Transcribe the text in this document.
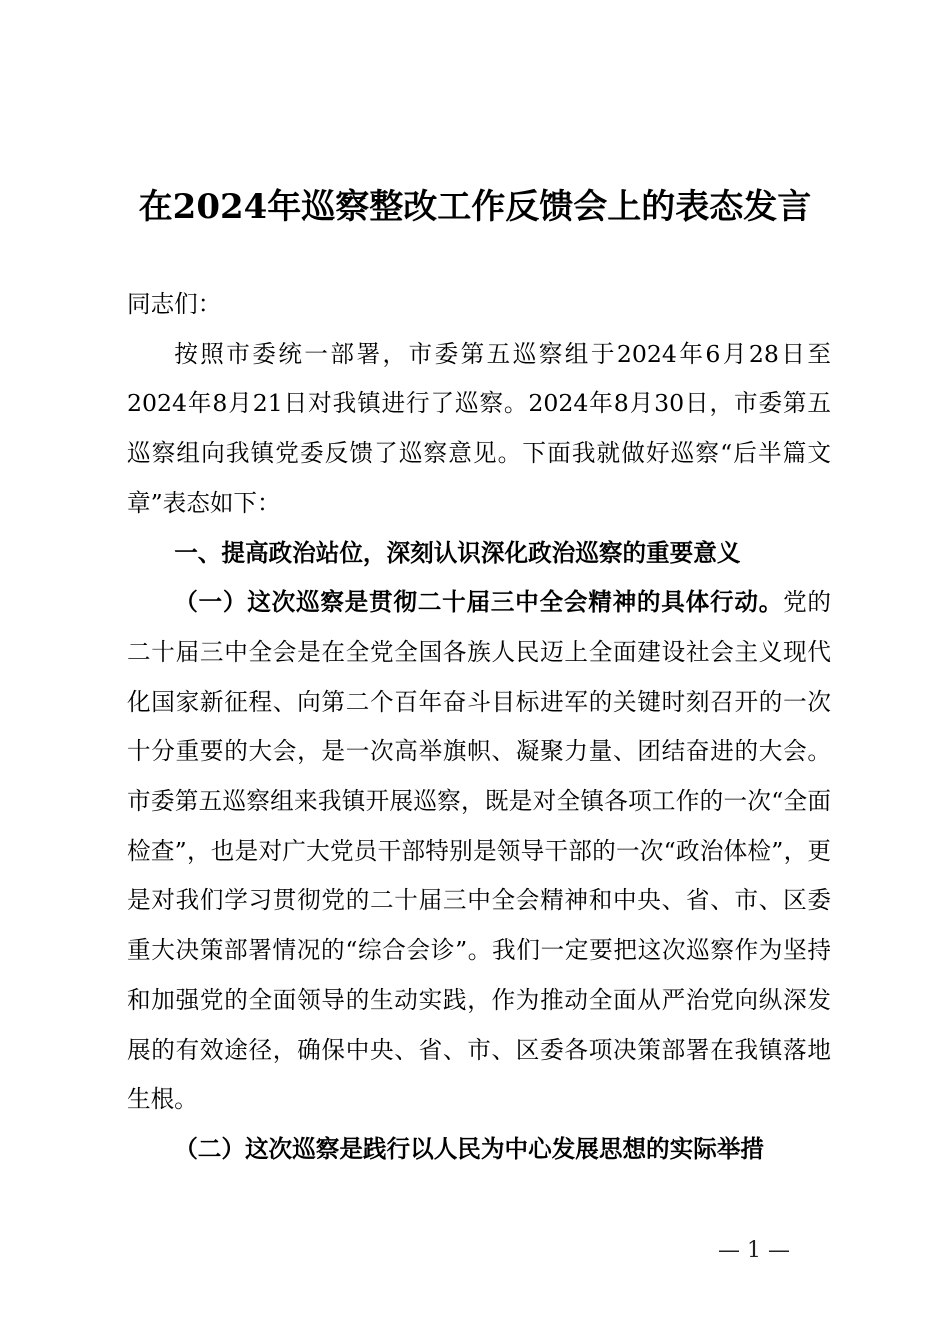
在2024年巡察整改工作反馈会上的表态发言

同志们：

按照市委统一部署，市委第五巡察组于2024年6月28日至2024年8月21日对我镇进行了巡察。2024年8月30日，市委第五巡察组向我镇党委反馈了巡察意见。下面我就做好巡察“后半篇文章”表态如下：

一、提高政治站位，深刻认识深化政治巡察的重要意义

（一）这次巡察是贯彻二十届三中全会精神的具体行动。党的二十届三中全会是在全党全国各族人民迈上全面建设社会主义现代化国家新征程、向第二个百年奋斗目标进军的关键时刻召开的一次十分重要的大会，是一次高举旗帜、凝聚力量、团结奋进的大会。市委第五巡察组来我镇开展巡察，既是对全镇各项工作的一次“全面检查”，也是对广大党员干部特别是领导干部的一次“政治体检”，更是对我们学习贯彻党的二十届三中全会精神和中央、省、市、区委重大决策部署情况的“综合会诊”。我们一定要把这次巡察作为坚持和加强党的全面领导的生动实践，作为推动全面从严治党向纵深发展的有效途径，确保中央、省、市、区委各项决策部署在我镇落地生根。

（二）这次巡察是践行以人民为中心发展思想的实际举措

— 1 —
